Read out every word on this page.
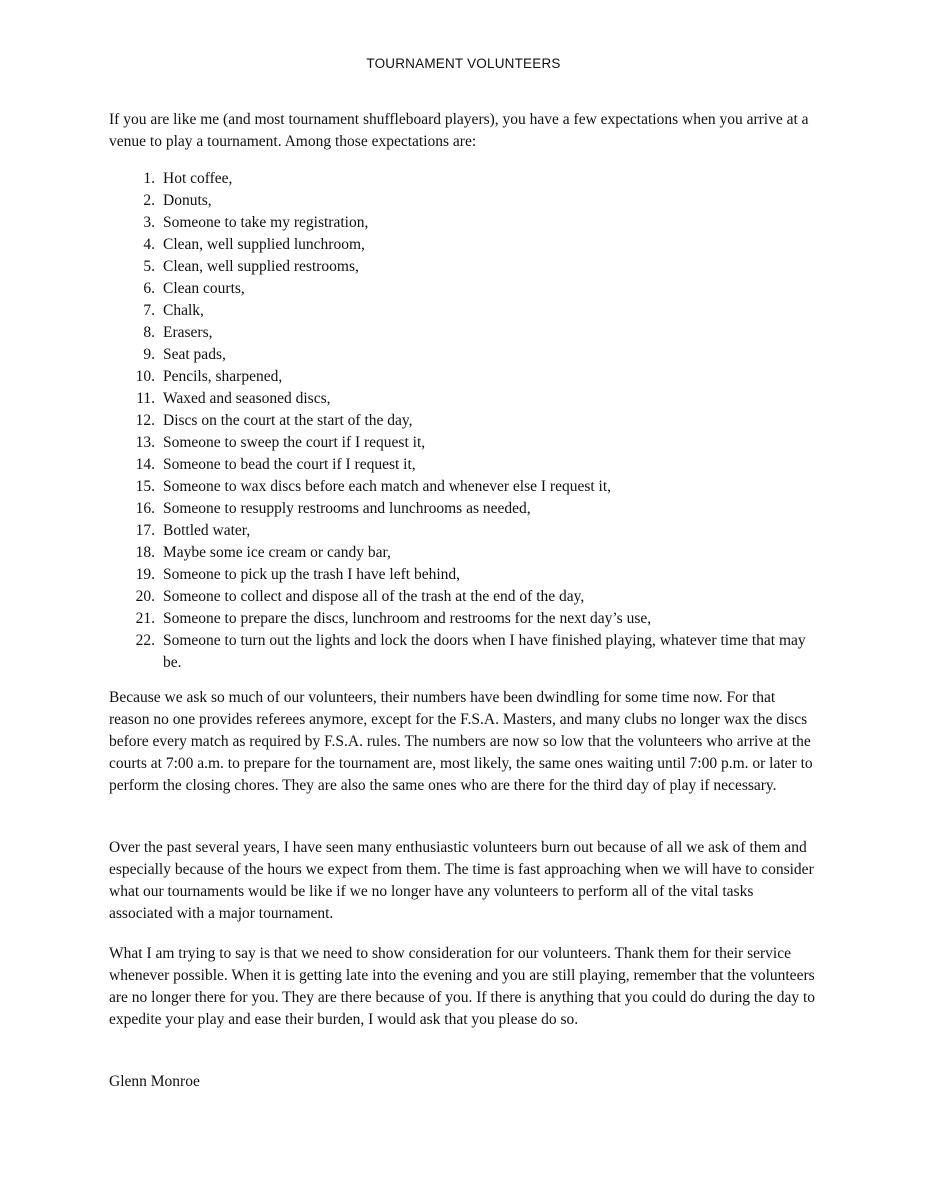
TOURNAMENT VOLUNTEERS

If you are like me (and most tournament shuffleboard players), you have a few expectations when you arrive at a venue to play a tournament. Among those expectations are:

1. Hot coffee,
2. Donuts,
3. Someone to take my registration,
4. Clean, well supplied lunchroom,
5. Clean, well supplied restrooms,
6. Clean courts,
7. Chalk,
8. Erasers,
9. Seat pads,
10. Pencils, sharpened,
11. Waxed and seasoned discs,
12. Discs on the court at the start of the day,
13. Someone to sweep the court if I request it,
14. Someone to bead the court if I request it,
15. Someone to wax discs before each match and whenever else I request it,
16. Someone to resupply restrooms and lunchrooms as needed,
17. Bottled water,
18. Maybe some ice cream or candy bar,
19. Someone to pick up the trash I have left behind,
20. Someone to collect and dispose all of the trash at the end of the day,
21. Someone to prepare the discs, lunchroom and restrooms for the next day’s use,
22. Someone to turn out the lights and lock the doors when I have finished playing, whatever time that may be.

Because we ask so much of our volunteers, their numbers have been dwindling for some time now. For that reason no one provides referees anymore, except for the F.S.A. Masters, and many clubs no longer wax the discs before every match as required by F.S.A. rules. The numbers are now so low that the volunteers who arrive at the courts at 7:00 a.m. to prepare for the tournament are, most likely, the same ones waiting until 7:00 p.m. or later to perform the closing chores. They are also the same ones who are there for the third day of play if necessary.

Over the past several years, I have seen many enthusiastic volunteers burn out because of all we ask of them and especially because of the hours we expect from them. The time is fast approaching when we will have to consider what our tournaments would be like if we no longer have any volunteers to perform all of the vital tasks associated with a major tournament.

What I am trying to say is that we need to show consideration for our volunteers. Thank them for their service whenever possible. When it is getting late into the evening and you are still playing, remember that the volunteers are no longer there for you. They are there because of you. If there is anything that you could do during the day to expedite your play and ease their burden, I would ask that you please do so.

Glenn Monroe
